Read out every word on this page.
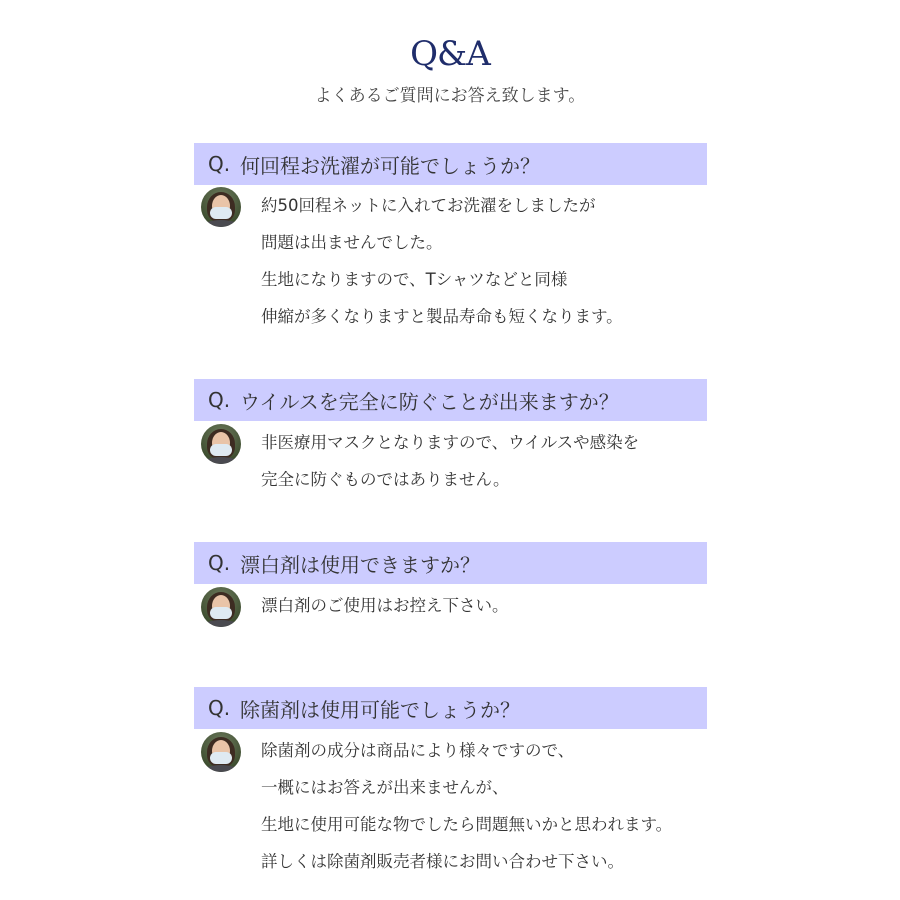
Q&A
よくあるご質問にお答え致します。
Q. 何回程お洗濯が可能でしょうか？
約50回程ネットに入れてお洗濯をしましたが
問題は出ませんでした。
生地になりますので、Tシャツなどと同様
伸縮が多くなりますと製品寿命も短くなります。
Q. ウイルスを完全に防ぐことが出来ますか？
非医療用マスクとなりますので、ウイルスや感染を
完全に防ぐものではありません。
Q. 漂白剤は使用できますか？
漂白剤のご使用はお控え下さい。
Q. 除菌剤は使用可能でしょうか？
除菌剤の成分は商品により様々ですので、
一概にはお答えが出来ませんが、
生地に使用可能な物でしたら問題無いかと思われます。
詳しくは除菌剤販売者様にお問い合わせ下さい。
